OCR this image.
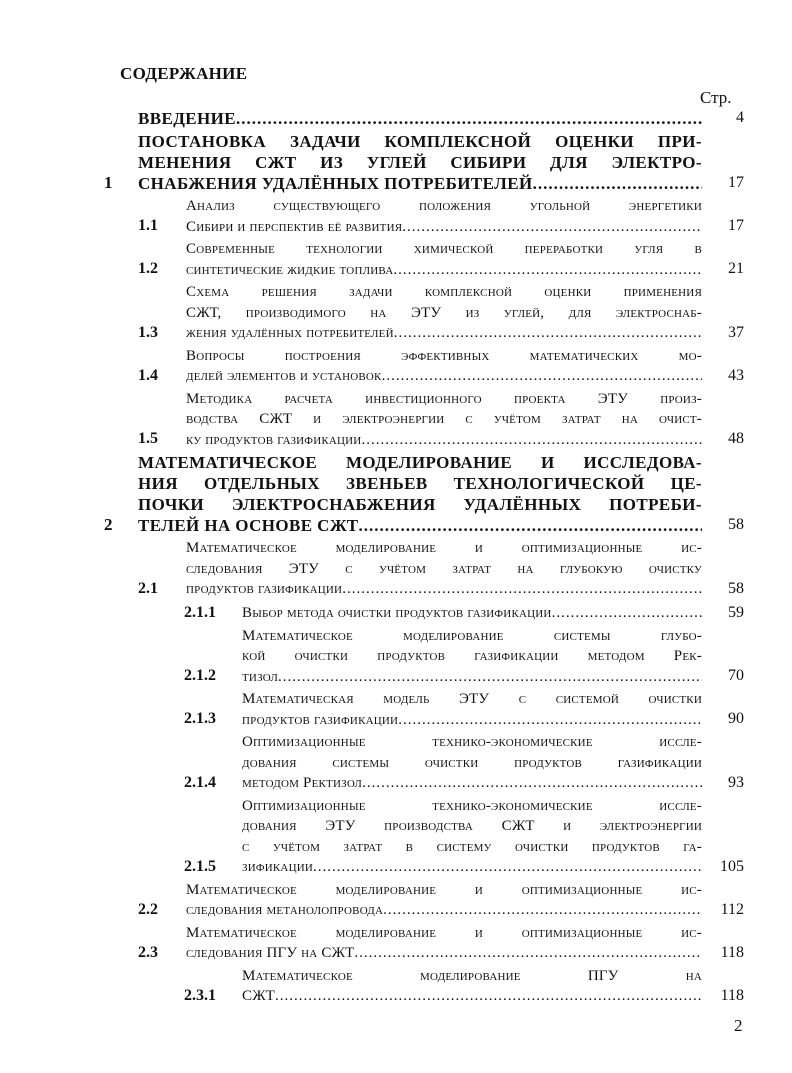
СОДЕРЖАНИЕ
Стр.
ВВЕДЕНИЕ .....	4
1
ПОСТАНОВКА ЗАДАЧИ КОМПЛЕКСНОЙ ОЦЕНКИ ПРИ-
МЕНЕНИЯ СЖТ ИЗ УГЛЕЙ СИБИРИ ДЛЯ ЭЛЕКТРО-
СНАБЖЕНИЯ УДАЛЁННЫХ ПОТРЕБИТЕЛЕЙ .....	17
1.1
Анализ существующего положения угольной энергетики
Сибири и перспектив её развития .....	17
1.2
Современные технологии химической переработки угля в
синтетические жидкие топлива .....	21
1.3
Схема решения задачи комплексной оценки применения
СЖТ, производимого на ЭТУ из углей, для электроснаб-
жения удалённых потребителей .....	37
1.4
Вопросы построения эффективных математических мо-
делей элементов и установок .....	43
1.5
Методика расчета инвестиционного проекта ЭТУ произ-
водства СЖТ и электроэнергии с учётом затрат на очист-
ку продуктов газификации .....	48
2
МАТЕМАТИЧЕСКОЕ МОДЕЛИРОВАНИЕ И ИССЛЕДОВА-
НИЯ ОТДЕЛЬНЫХ ЗВЕНЬЕВ ТЕХНОЛОГИЧЕСКОЙ ЦЕ-
ПОЧКИ ЭЛЕКТРОСНАБЖЕНИЯ УДАЛЁННЫХ ПОТРЕБИ-
ТЕЛЕЙ НА ОСНОВЕ СЖТ .....	58
2.1
Математическое моделирование и оптимизационные ис-
следования ЭТУ с учётом затрат на глубокую очистку
продуктов газификации .....	58
2.1.1	Выбор метода очистки продуктов газификации .....	59
2.1.2
Математическое моделирование системы глубо-
кой очистки продуктов газификации методом Рек-
тизол .....	70
2.1.3
Математическая модель ЭТУ с системой очистки
продуктов газификации .....	90
2.1.4
Оптимизационные технико-экономические иссле-
дования системы очистки продуктов газификации
методом Ректизол .....	93
2.1.5
Оптимизационные технико-экономические иссле-
дования ЭТУ производства СЖТ и электроэнергии
с учётом затрат в систему очистки продуктов га-
зификации .....	105
2.2
Математическое моделирование и оптимизационные ис-
следования метанолопровода .....	112
2.3
Математическое моделирование и оптимизационные ис-
следования ПГУ на СЖТ .....	118
2.3.1
Математическое моделирование ПГУ на
СЖТ .....	118
2
